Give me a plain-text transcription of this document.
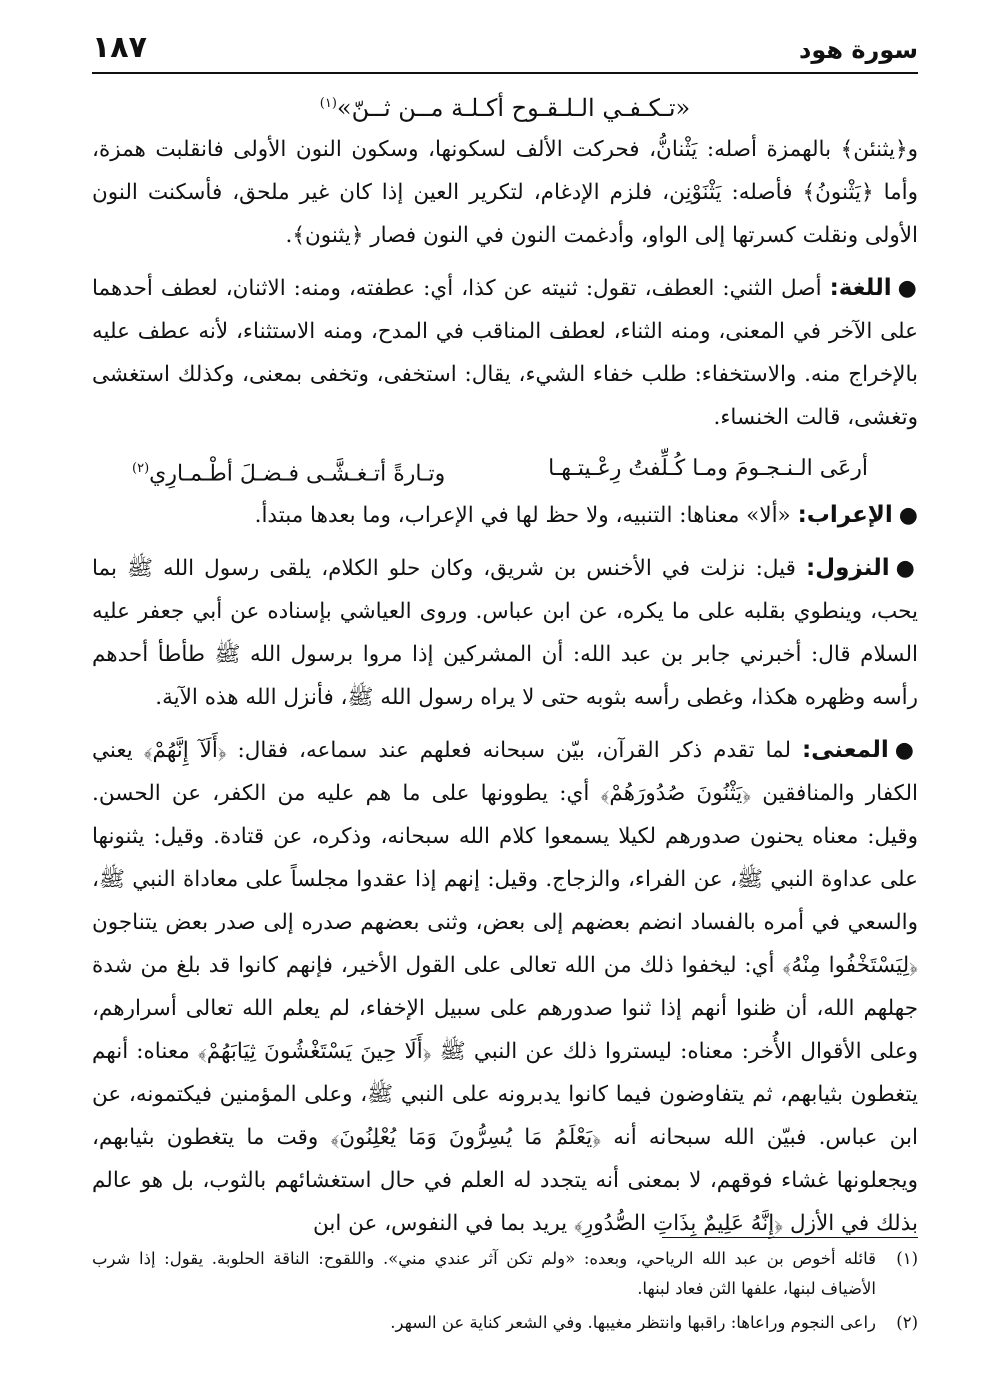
سورة هود
١٨٧
«تـكـفـي الـلـقـوح أكـلـة مــن ثــنّ»$^{(١)}$

و﴿يثنئن﴾ بالهمزة أصله: يَثْنانُّ، فحركت الألف لسكونها، وسكون النون الأولى فانقلبت همزة، وأما ﴿يَثْنونُ﴾ فأصله: يَثْنَوْنِن، فلزم الإدغام، لتكرير العين إذا كان غير ملحق، فأسكنت النون الأولى ونقلت كسرتها إلى الواو، وأدغمت النون في النون فصار ﴿يثنون﴾.

●اللغة: أصل الثني: العطف، تقول: ثنيته عن كذا، أي: عطفته، ومنه: الاثنان، لعطف أحدهما على الآخر في المعنى، ومنه الثناء، لعطف المناقب في المدح، ومنه الاستثناء، لأنه عطف عليه بالإخراج منه. والاستخفاء: طلب خفاء الشيء، يقال: استخفى، وتخفى بمعنى، وكذلك استغشى وتغشى، قالت الخنساء.

أرعَى الـنـجـومَ ومـا كُـلِّفتُ رِعْـيتـهـا
وتـارةً أتـغـشَّـى فـضـلَ أطْـمـارِي$^{(٢)}$

●الإعراب: «ألا» معناها: التنبيه، ولا حظ لها في الإعراب، وما بعدها مبتدأ.

●النزول: قيل: نزلت في الأخنس بن شريق، وكان حلو الكلام، يلقى رسول الله ﷺ بما يحب، وينطوي بقلبه على ما يكره، عن ابن عباس. وروى العياشي بإسناده عن أبي جعفر عليه السلام قال: أخبرني جابر بن عبد الله: أن المشركين إذا مروا برسول الله ﷺ طأطأ أحدهم رأسه وظهره هكذا، وغطى رأسه بثوبه حتى لا يراه رسول الله ﷺ، فأنزل الله هذه الآية.

●المعنى: لما تقدم ذكر القرآن، بيّن سبحانه فعلهم عند سماعه، فقال: ﴿أَلَآ إِنَّهُمْ﴾ يعني الكفار والمنافقين ﴿يَثْنُونَ صُدُورَهُمْ﴾ أي: يطوونها على ما هم عليه من الكفر، عن الحسن. وقيل: معناه يحنون صدورهم لكيلا يسمعوا كلام الله سبحانه، وذكره، عن قتادة. وقيل: يثنونها على عداوة النبي ﷺ، عن الفراء، والزجاج. وقيل: إنهم إذا عقدوا مجلساً على معاداة النبي ﷺ، والسعي في أمره بالفساد انضم بعضهم إلى بعض، وثنى بعضهم صدره إلى صدر بعض يتناجون ﴿لِيَسْتَخْفُوا مِنْهُ﴾ أي: ليخفوا ذلك من الله تعالى على القول الأخير، فإنهم كانوا قد بلغ من شدة جهلهم الله، أن ظنوا أنهم إذا ثنوا صدورهم على سبيل الإخفاء، لم يعلم الله تعالى أسرارهم، وعلى الأقوال الأُخر: معناه: ليستروا ذلك عن النبي ﷺ ﴿أَلَا حِينَ يَسْتَغْشُونَ ثِيَابَهُمْ﴾ معناه: أنهم يتغطون بثيابهم، ثم يتفاوضون فيما كانوا يدبرونه على النبي ﷺ، وعلى المؤمنين فيكتمونه، عن ابن عباس. فبيّن الله سبحانه أنه ﴿يَعْلَمُ مَا يُسِرُّونَ وَمَا يُعْلِنُونَ﴾ وقت ما يتغطون بثيابهم، ويجعلونها غشاء فوقهم، لا بمعنى أنه يتجدد له العلم في حال استغشائهم بالثوب، بل هو عالم بذلك في الأزل ﴿إِنَّهُ عَلِيمٌ بِذَاتِ الصُّدُورِ﴾ يريد بما في النفوس، عن ابن

(١)
قائله أخوص بن عبد الله الرياحي، وبعده: «ولم تكن آثر عندي مني». واللقوح: الناقة الحلوبة. يقول: إذا شرب الأضياف لبنها، علفها الثن فعاد لبنها.
(٢)
راعى النجوم وراعاها: راقبها وانتظر مغيبها. وفي الشعر كناية عن السهر.
